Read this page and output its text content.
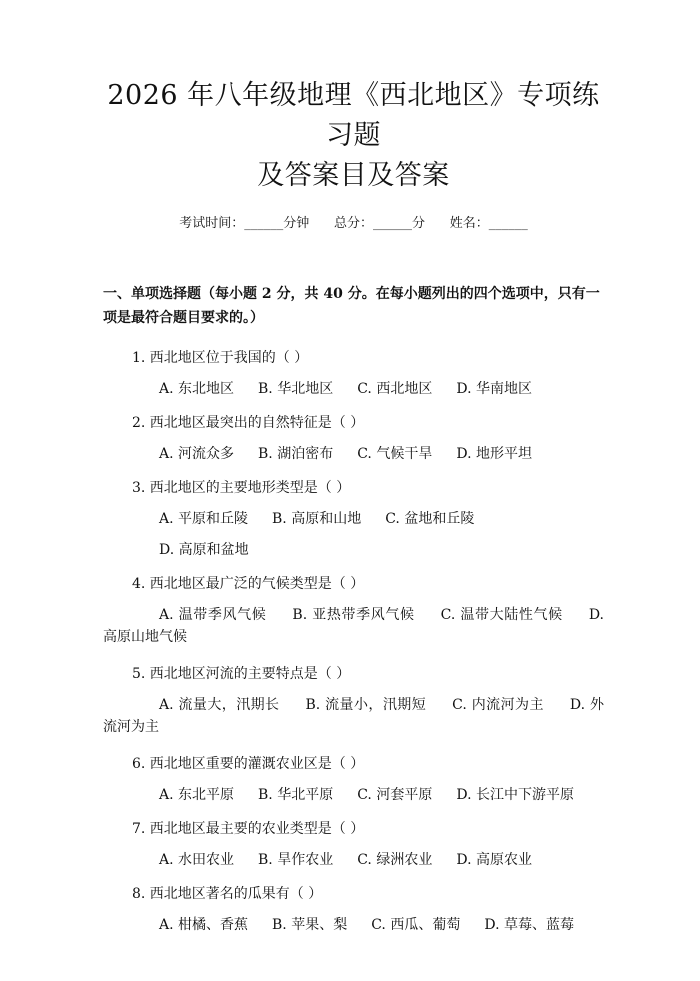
2026 年八年级地理《西北地区》专项练习题
及答案目及答案
考试时间：______分钟      总分：______分      姓名：______
一、单项选择题（每小题 2 分，共 40 分。在每小题列出的四个选项中，只有一项是最符合题目要求的。）
1. 西北地区位于我国的（ ）
A. 东北地区 B. 华北地区 C. 西北地区 D. 华南地区
2. 西北地区最突出的自然特征是（ ）
A. 河流众多 B. 湖泊密布 C. 气候干旱 D. 地形平坦
3. 西北地区的主要地形类型是（ ）
A. 平原和丘陵 B. 高原和山地 C. 盆地和丘陵D. 高原和盆地
4. 西北地区最广泛的气候类型是（ ）
A. 温带季风气候 B. 亚热带季风气候 C. 温带大陆性气候 D. 高原山地气候
5. 西北地区河流的主要特点是（ ）
A. 流量大，汛期长 B. 流量小，汛期短 C. 内流河为主 D. 外流河为主
6. 西北地区重要的灌溉农业区是（ ）
A. 东北平原 B. 华北平原 C. 河套平原 D. 长江中下游平原
7. 西北地区最主要的农业类型是（ ）
A. 水田农业 B. 旱作农业 C. 绿洲农业 D. 高原农业
8. 西北地区著名的瓜果有（ ）
A. 柑橘、香蕉 B. 苹果、梨 C. 西瓜、葡萄 D. 草莓、蓝莓
